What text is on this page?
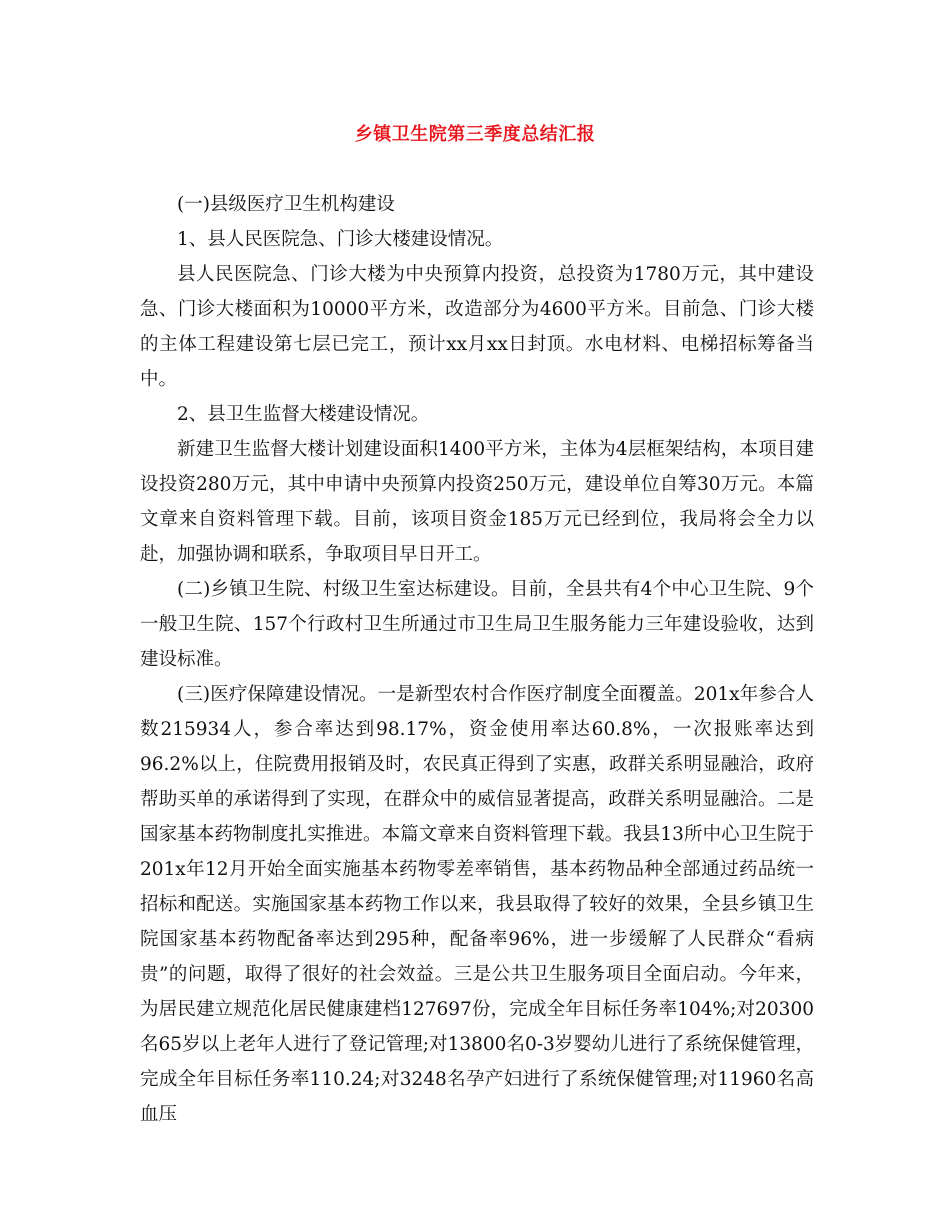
乡镇卫生院第三季度总结汇报

(一)县级医疗卫生机构建设

1、县人民医院急、门诊大楼建设情况。

县人民医院急、门诊大楼为中央预算内投资，总投资为1780万元，其中建设急、门诊大楼面积为10000平方米，改造部分为4600平方米。目前急、门诊大楼的主体工程建设第七层已完工，预计xx月xx日封顶。水电材料、电梯招标筹备当中。

2、县卫生监督大楼建设情况。

新建卫生监督大楼计划建设面积1400平方米，主体为4层框架结构，本项目建设投资280万元，其中申请中央预算内投资250万元，建设单位自筹30万元。本篇文章来自资料管理下载。目前，该项目资金185万元已经到位，我局将会全力以赴，加强协调和联系，争取项目早日开工。

(二)乡镇卫生院、村级卫生室达标建设。目前，全县共有4个中心卫生院、9个一般卫生院、157个行政村卫生所通过市卫生局卫生服务能力三年建设验收，达到建设标准。

(三)医疗保障建设情况。一是新型农村合作医疗制度全面覆盖。201x年参合人数215934人，参合率达到98.17%，资金使用率达60.8%，一次报账率达到96.2%以上，住院费用报销及时，农民真正得到了实惠，政群关系明显融洽，政府帮助买单的承诺得到了实现，在群众中的威信显著提高，政群关系明显融洽。二是国家基本药物制度扎实推进。本篇文章来自资料管理下载。我县13所中心卫生院于201x年12月开始全面实施基本药物零差率销售，基本药物品种全部通过药品统一招标和配送。实施国家基本药物工作以来，我县取得了较好的效果，全县乡镇卫生院国家基本药物配备率达到295种，配备率96%，进一步缓解了人民群众“看病贵”的问题，取得了很好的社会效益。三是公共卫生服务项目全面启动。今年来，为居民建立规范化居民健康建档127697份，完成全年目标任务率104%;对20300名65岁以上老年人进行了登记管理;对13800名0-3岁婴幼儿进行了系统保健管理，完成全年目标任务率110.24;对3248名孕产妇进行了系统保健管理;对11960名高血压
